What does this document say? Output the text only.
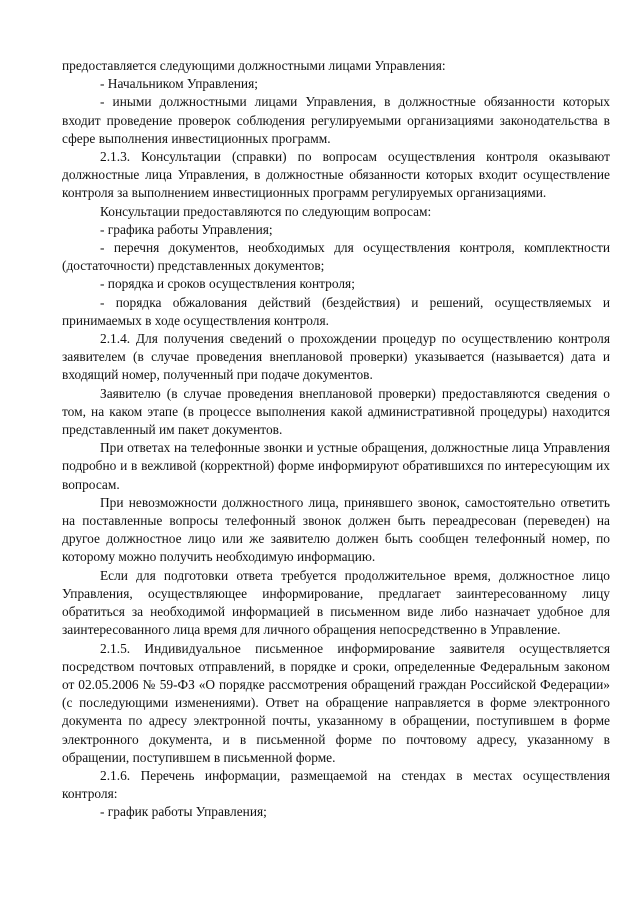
предоставляется следующими должностными лицами Управления:

- Начальником Управления;

- иными должностными лицами Управления, в должностные обязанности которых входит проведение проверок соблюдения регулируемыми организациями законодательства в сфере выполнения инвестиционных программ.

2.1.3. Консультации (справки) по вопросам осуществления контроля оказывают должностные лица Управления, в должностные обязанности которых входит осуществление контроля за выполнением инвестиционных программ регулируемых организациями.

Консультации предоставляются по следующим вопросам:

- графика работы Управления;

- перечня документов, необходимых для осуществления контроля, комплектности (достаточности) представленных документов;

- порядка и сроков осуществления контроля;

- порядка обжалования действий (бездействия) и решений, осуществляемых и принимаемых в ходе осуществления контроля.

2.1.4. Для получения сведений о прохождении процедур по осуществлению контроля заявителем (в случае проведения внеплановой проверки) указывается (называется) дата и входящий номер, полученный при подаче документов.

Заявителю (в случае проведения внеплановой проверки) предоставляются сведения о том, на каком этапе (в процессе выполнения какой административной процедуры) находится представленный им пакет документов.

При ответах на телефонные звонки и устные обращения, должностные лица Управления подробно и в вежливой (корректной) форме информируют обратившихся по интересующим их вопросам.

При невозможности должностного лица, принявшего звонок, самостоятельно ответить на поставленные вопросы телефонный звонок должен быть переадресован (переведен) на другое должностное лицо или же заявителю должен быть сообщен телефонный номер, по которому можно получить необходимую информацию.

Если для подготовки ответа требуется продолжительное время, должностное лицо Управления, осуществляющее информирование, предлагает заинтересованному лицу обратиться за необходимой информацией в письменном виде либо назначает удобное для заинтересованного лица время для личного обращения непосредственно в Управление.

2.1.5. Индивидуальное письменное информирование заявителя осуществляется посредством почтовых отправлений, в порядке и сроки, определенные Федеральным законом от 02.05.2006 № 59-ФЗ «О порядке рассмотрения обращений граждан Российской Федерации» (с последующими изменениями). Ответ на обращение направляется в форме электронного документа по адресу электронной почты, указанному в обращении, поступившем в форме электронного документа, и в письменной форме по почтовому адресу, указанному в обращении, поступившем в письменной форме.

2.1.6. Перечень информации, размещаемой на стендах в местах осуществления контроля:

- график работы Управления;
